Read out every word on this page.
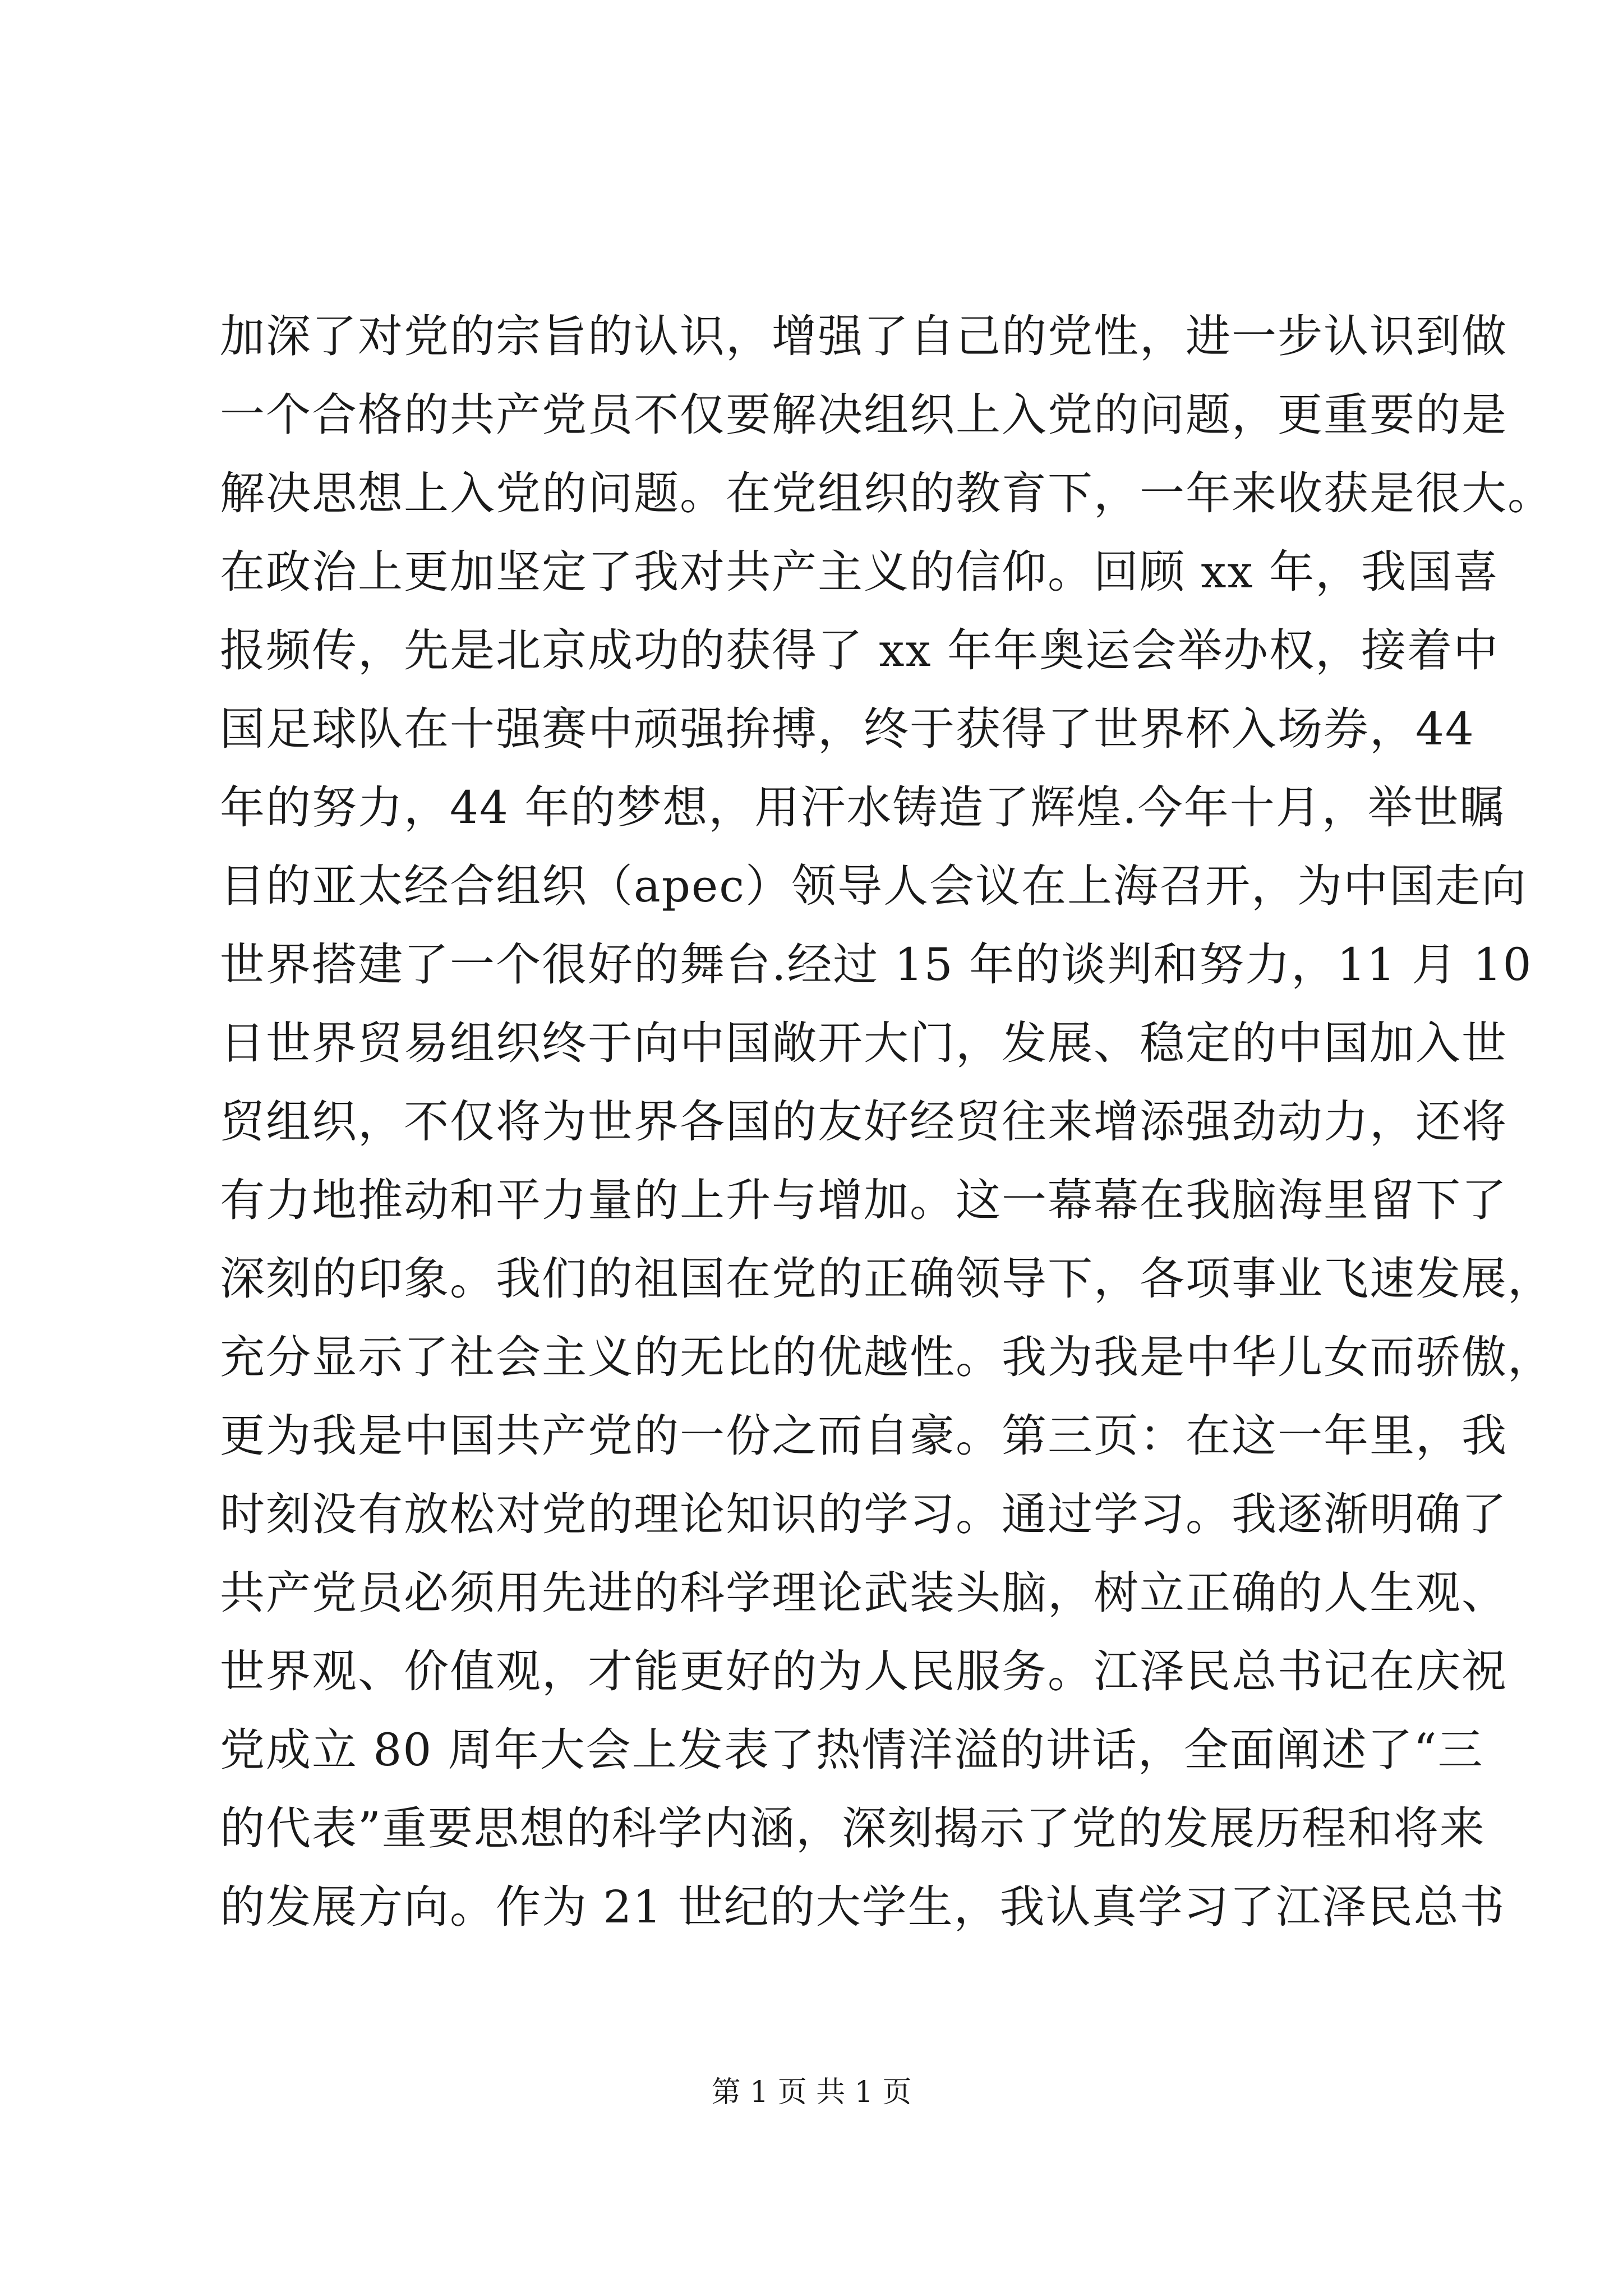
加深了对党的宗旨的认识，增强了自己的党性，进一步认识到做
一个合格的共产党员不仅要解决组织上入党的问题，更重要的是
解决思想上入党的问题。在党组织的教育下，一年来收获是很大。
在政治上更加坚定了我对共产主义的信仰。回顾 xx 年，我国喜
报频传，先是北京成功的获得了 xx 年年奥运会举办权，接着中
国足球队在十强赛中顽强拚搏，终于获得了世界杯入场券，44
年的努力，44 年的梦想，用汗水铸造了辉煌.今年十月，举世瞩
目的亚太经合组织（apec）领导人会议在上海召开，为中国走向
世界搭建了一个很好的舞台.经过 15 年的谈判和努力，11 月 10
日世界贸易组织终于向中国敞开大门，发展、稳定的中国加入世
贸组织，不仅将为世界各国的友好经贸往来增添强劲动力，还将
有力地推动和平力量的上升与增加。这一幕幕在我脑海里留下了
深刻的印象。我们的祖国在党的正确领导下，各项事业飞速发展，
充分显示了社会主义的无比的优越性。我为我是中华儿女而骄傲，
更为我是中国共产党的一份之而自豪。第三页：在这一年里，我
时刻没有放松对党的理论知识的学习。通过学习。我逐渐明确了
共产党员必须用先进的科学理论武装头脑，树立正确的人生观、
世界观、价值观，才能更好的为人民服务。江泽民总书记在庆祝
党成立 80 周年大会上发表了热情洋溢的讲话，全面阐述了“三
的代表”重要思想的科学内涵，深刻揭示了党的发展历程和将来
的发展方向。作为 21 世纪的大学生，我认真学习了江泽民总书
第 1 页 共 1 页
